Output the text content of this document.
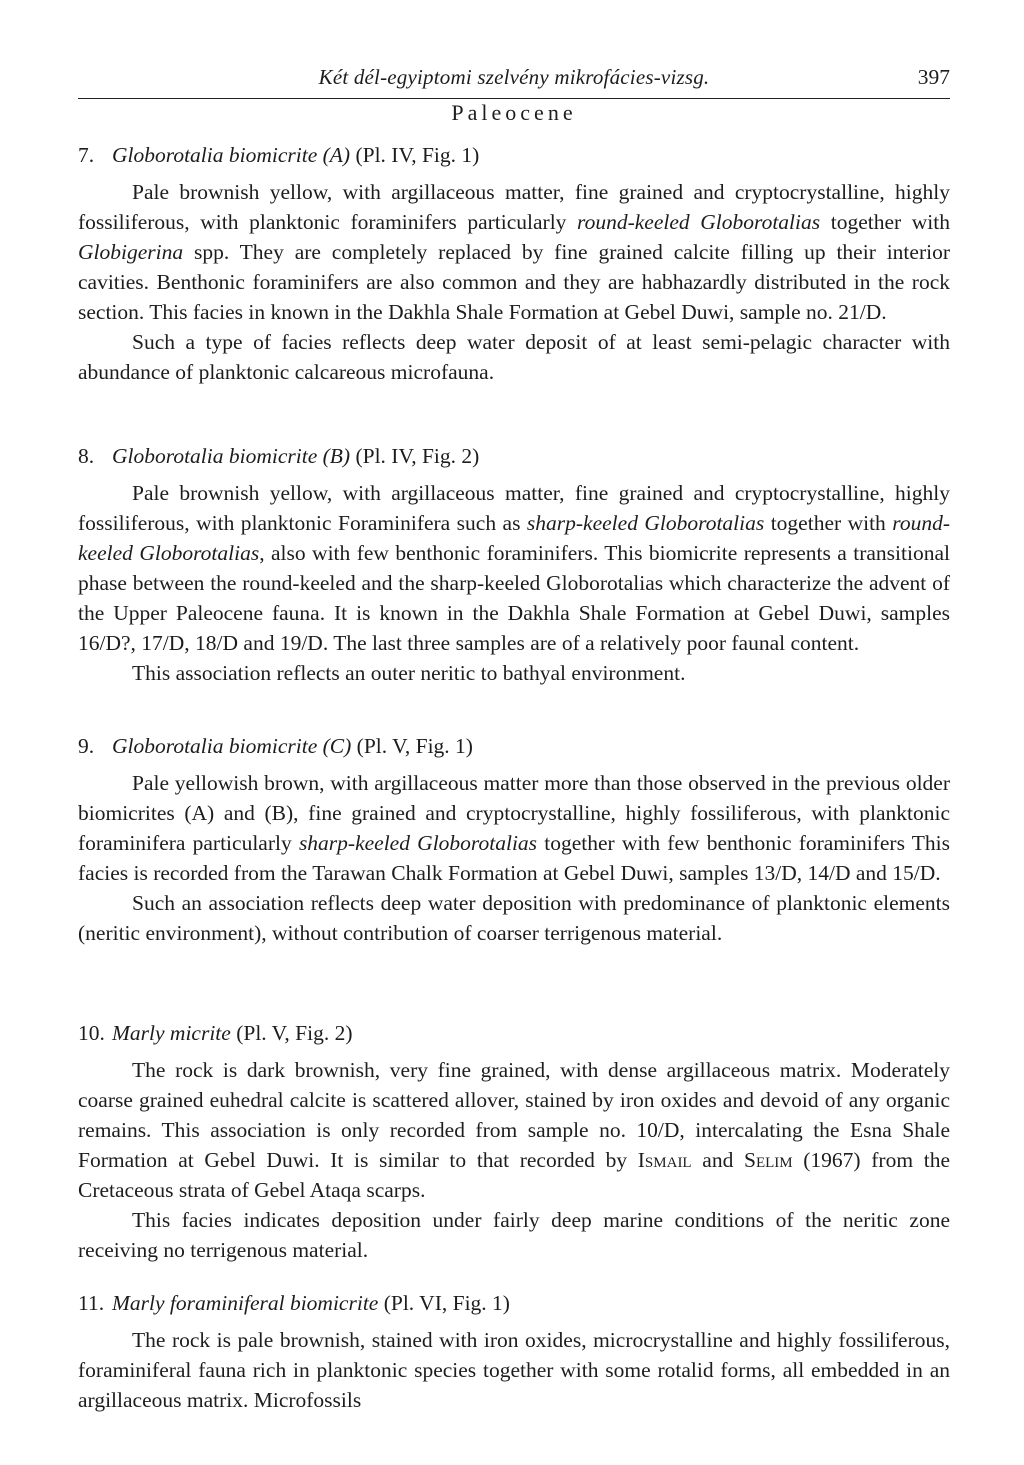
Két dél-egyiptomi szelvény mikrofácies-vizsg.	397
Paleocene

7. Globorotalia biomicrite (A) (Pl. IV, Fig. 1)

Pale brownish yellow, with argillaceous matter, fine grained and cryptocrystalline, highly fossiliferous, with planktonic foraminifers particularly round-keeled Globorotalias together with Globigerina spp. They are completely replaced by fine grained calcite filling up their interior cavities. Benthonic foraminifers are also common and they are habhazardly distributed in the rock section. This facies in known in the Dakhla Shale Formation at Gebel Duwi, sample no. 21/D.

Such a type of facies reflects deep water deposit of at least semi-pelagic character with abundance of planktonic calcareous microfauna.

8. Globorotalia biomicrite (B) (Pl. IV, Fig. 2)

Pale brownish yellow, with argillaceous matter, fine grained and cryptocrystalline, highly fossiliferous, with planktonic Foraminifera such as sharp-keeled Globorotalias together with round-keeled Globorotalias, also with few benthonic foraminifers. This biomicrite represents a transitional phase between the round-keeled and the sharp-keeled Globorotalias which characterize the advent of the Upper Paleocene fauna. It is known in the Dakhla Shale Formation at Gebel Duwi, samples 16/D?, 17/D, 18/D and 19/D. The last three samples are of a relatively poor faunal content.

This association reflects an outer neritic to bathyal environment.

9. Globorotalia biomicrite (C) (Pl. V, Fig. 1)

Pale yellowish brown, with argillaceous matter more than those observed in the previous older biomicrites (A) and (B), fine grained and cryptocrystalline, highly fossiliferous, with planktonic foraminifera particularly sharp-keeled Globorotalias together with few benthonic foraminifers This facies is recorded from the Tarawan Chalk Formation at Gebel Duwi, samples 13/D, 14/D and 15/D.

Such an association reflects deep water deposition with predominance of planktonic elements (neritic environment), without contribution of coarser terrigenous material.

10. Marly micrite (Pl. V, Fig. 2)

The rock is dark brownish, very fine grained, with dense argillaceous matrix. Moderately coarse grained euhedral calcite is scattered allover, stained by iron oxides and devoid of any organic remains. This association is only recorded from sample no. 10/D, intercalating the Esna Shale Formation at Gebel Duwi. It is similar to that recorded by Ismail and Selim (1967) from the Cretaceous strata of Gebel Ataqa scarps.

This facies indicates deposition under fairly deep marine conditions of the neritic zone receiving no terrigenous material.

11. Marly foraminiferal biomicrite (Pl. VI, Fig. 1)

The rock is pale brownish, stained with iron oxides, microcrystalline and highly fossiliferous, foraminiferal fauna rich in planktonic species together with some rotalid forms, all embedded in an argillaceous matrix. Microfossils
